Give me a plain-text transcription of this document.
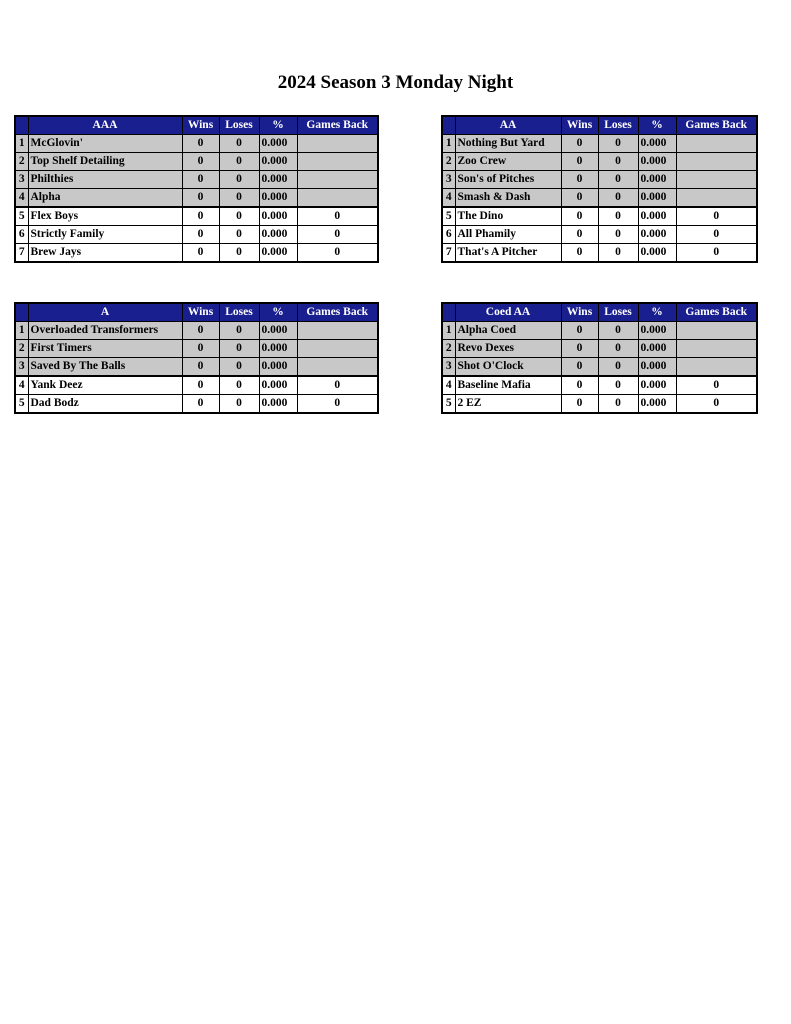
2024 Season 3 Monday Night
	AAA	Wins	Loses	%	Games Back
1	McGlovin'	0	0	0.000	
2	Top Shelf Detailing	0	0	0.000	
3	Philthies	0	0	0.000	
4	Alpha	0	0	0.000	
5	Flex Boys	0	0	0.000	0
6	Strictly Family	0	0	0.000	0
7	Brew Jays	0	0	0.000	0
	AA	Wins	Loses	%	Games Back
1	Nothing But Yard	0	0	0.000	
2	Zoo Crew	0	0	0.000	
3	Son's of Pitches	0	0	0.000	
4	Smash & Dash	0	0	0.000	
5	The Dino	0	0	0.000	0
6	All Phamily	0	0	0.000	0
7	That's A Pitcher	0	0	0.000	0
	A	Wins	Loses	%	Games Back
1	Overloaded Transformers	0	0	0.000	
2	First Timers	0	0	0.000	
3	Saved By The Balls	0	0	0.000	
4	Yank Deez	0	0	0.000	0
5	Dad Bodz	0	0	0.000	0
	Coed AA	Wins	Loses	%	Games Back
1	Alpha Coed	0	0	0.000	
2	Revo Dexes	0	0	0.000	
3	Shot O'Clock	0	0	0.000	
4	Baseline Mafia	0	0	0.000	0
5	2 EZ	0	0	0.000	0
